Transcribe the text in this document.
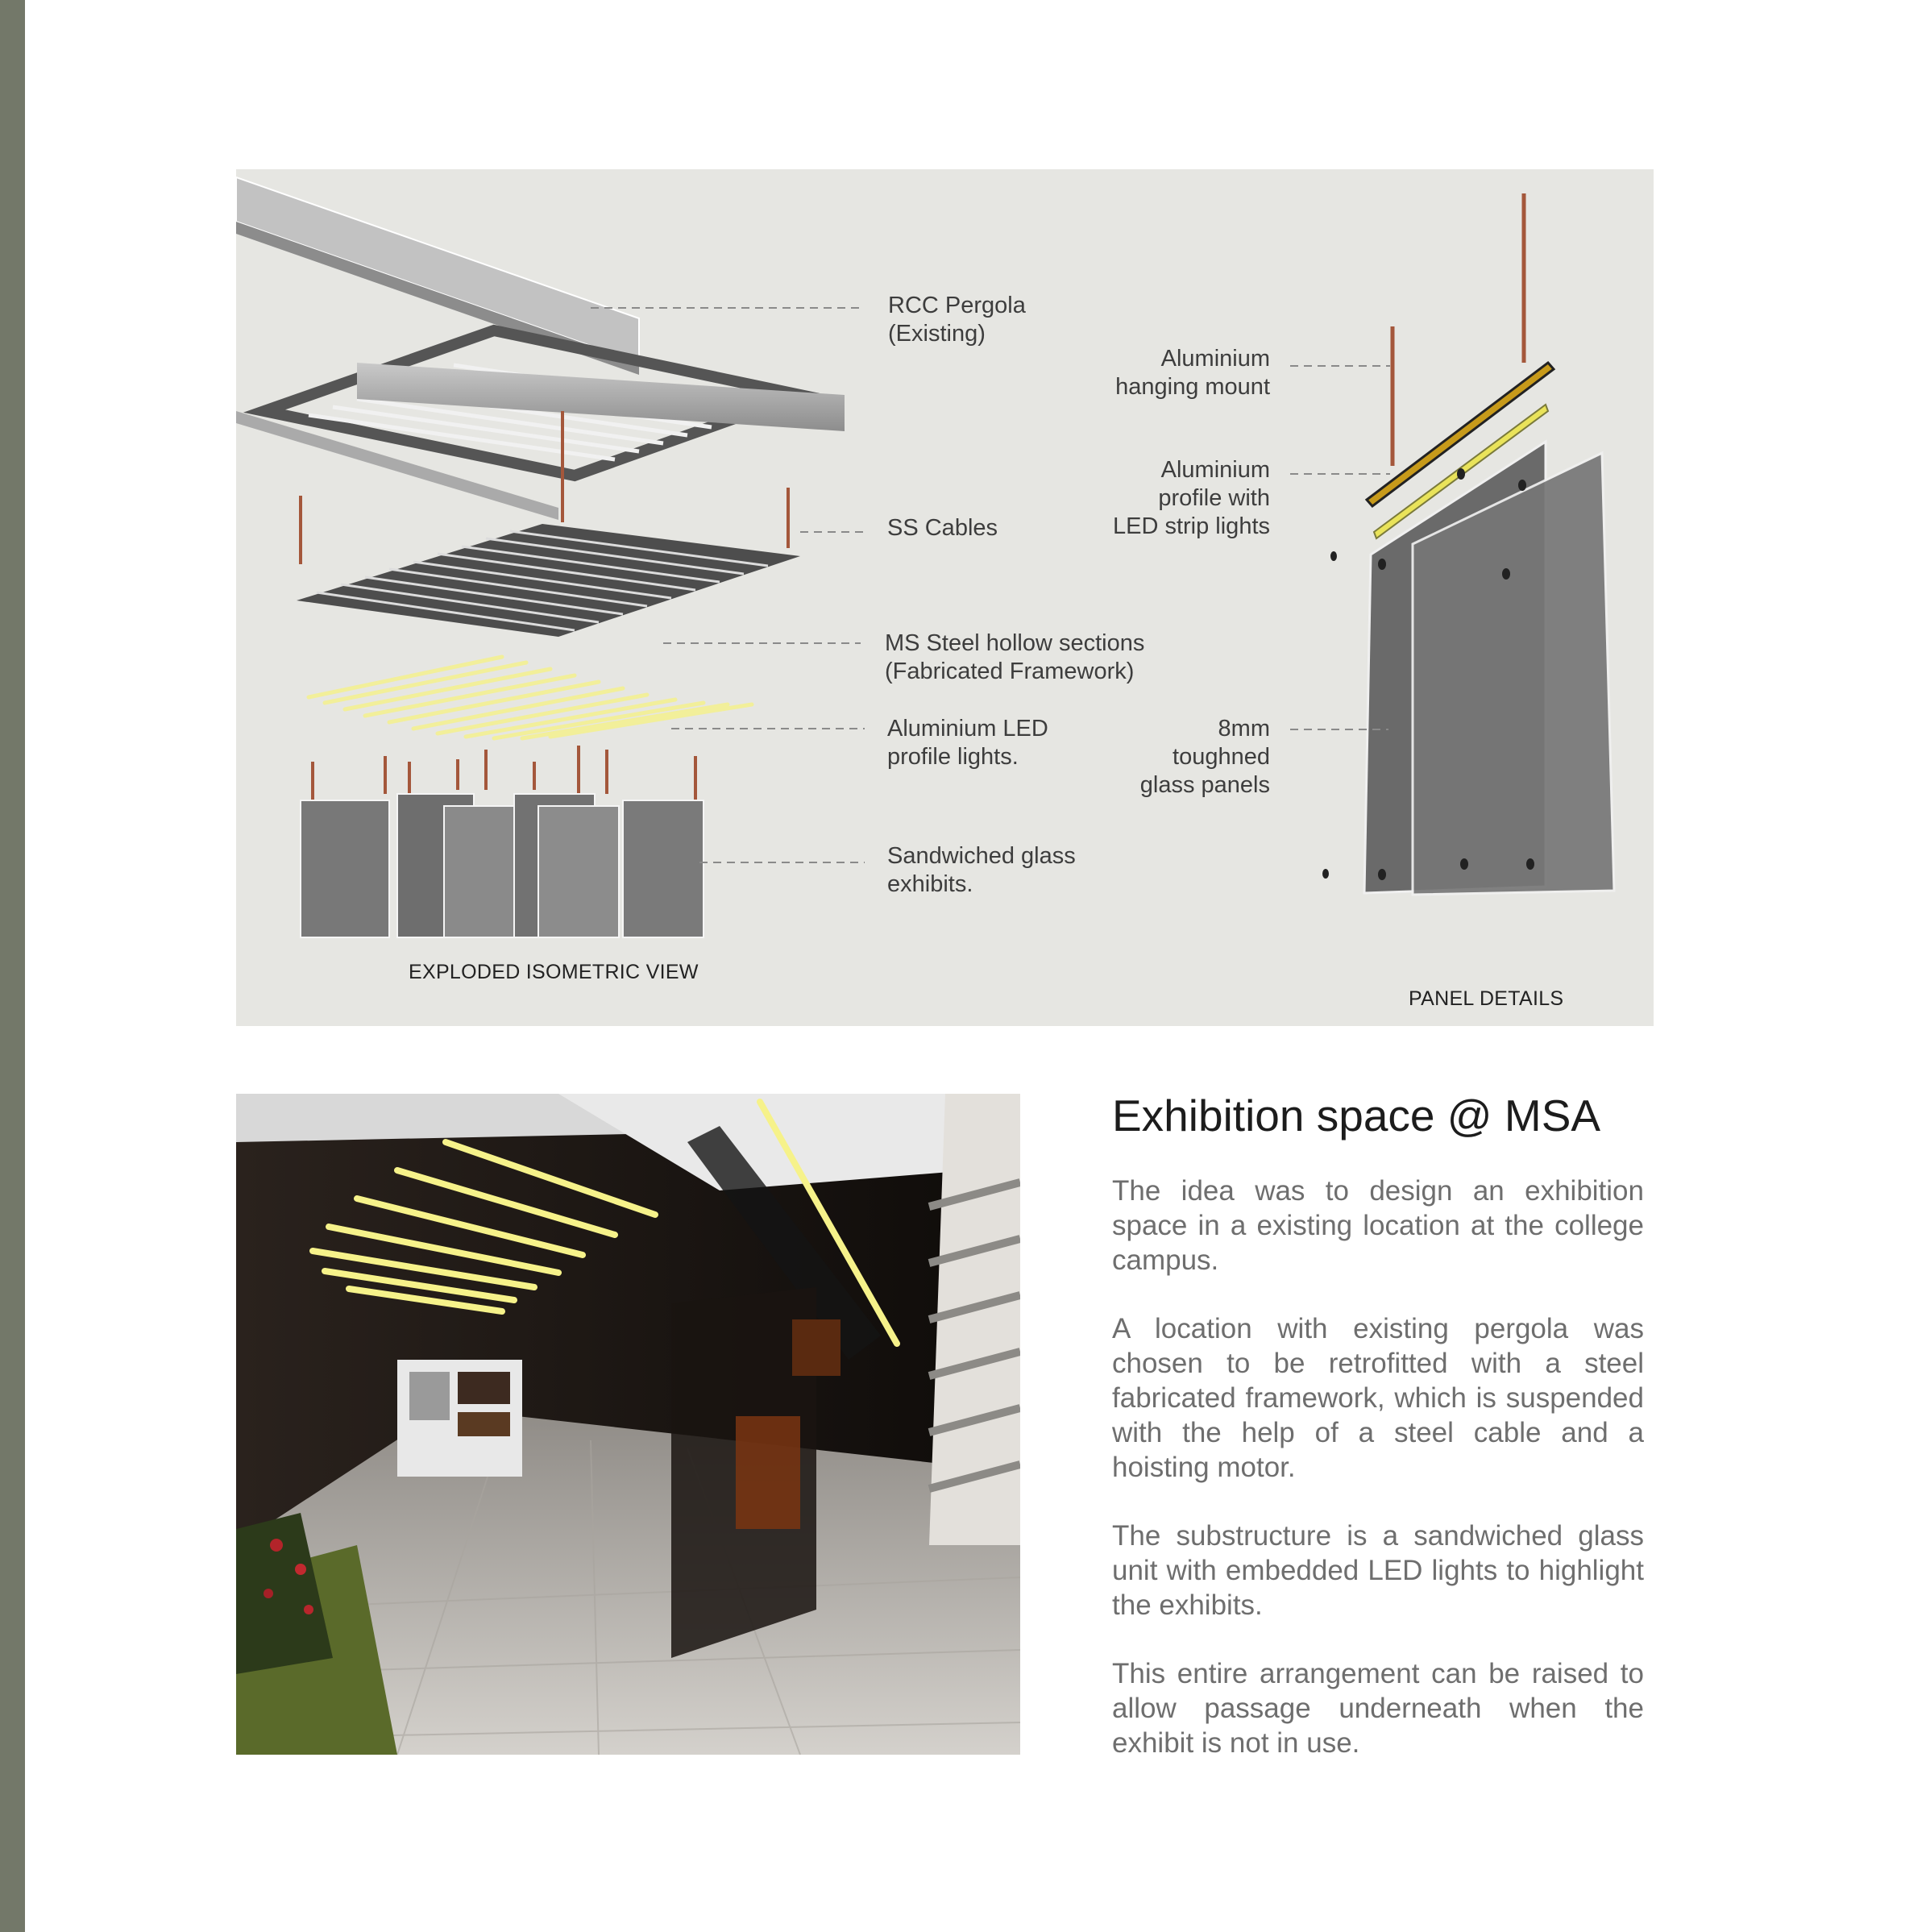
RCC Pergola
(Existing)

SS Cables

MS Steel hollow sections
(Fabricated Framework)

Aluminium LED
profile lights.

Sandwiched glass
exhibits.

Aluminium
hanging mount

Aluminium
profile with
LED strip lights

8mm
toughned
glass panels

EXPLODED ISOMETRIC VIEW
PANEL DETAILS
Exhibition space @ MSA

The idea was to design an exhibition space in a existing location at the college campus.

A location with existing pergola was chosen to be retrofitted with a steel fabricated framework, which is suspended with the help of a steel cable and a hoisting motor.

The substructure is a sandwiched glass unit with embedded LED lights to highlight the exhibits.

This entire arrangement can be raised to allow passage underneath when the exhibit is not in use.
